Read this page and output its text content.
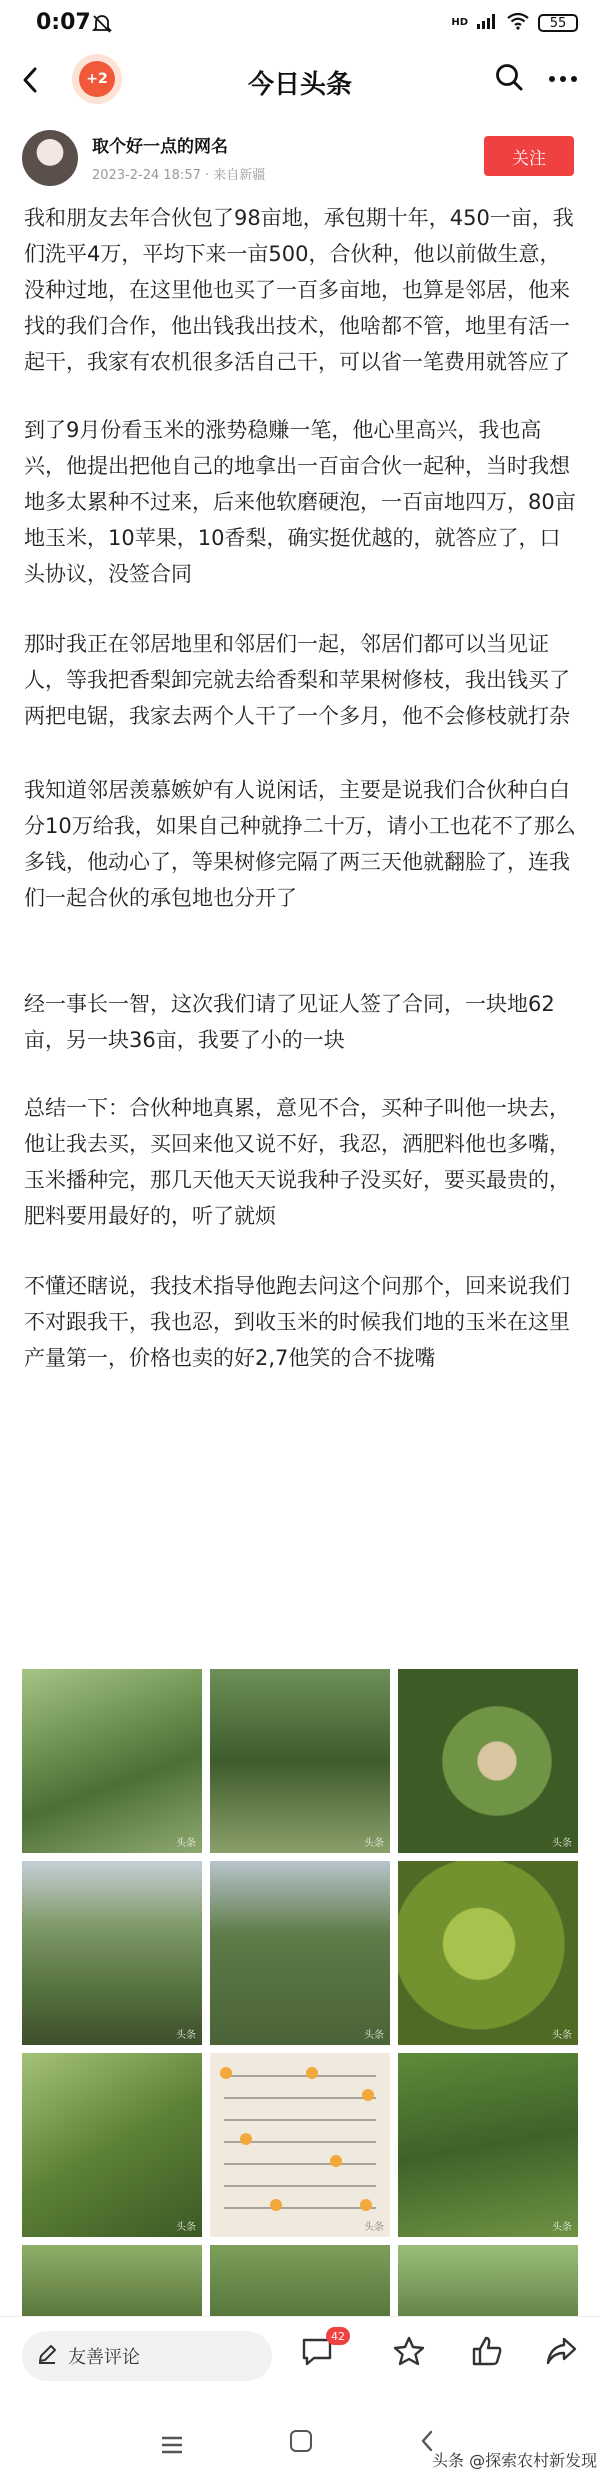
0:07	HD	55
+2	今日头条
取个好一点的网名
2023-2-24 18:57 · 来自新疆
关注

我和朋友去年合伙包了98亩地，承包期十年，450一亩，我们洗平4万，平均下来一亩500，合伙种，他以前做生意，没种过地，在这里他也买了一百多亩地，也算是邻居，他来找的我们合作，他出钱我出技术，他啥都不管，地里有活一起干，我家有农机很多活自己干，可以省一笔费用就答应了

到了9月份看玉米的涨势稳赚一笔，他心里高兴，我也高兴，他提出把他自己的地拿出一百亩合伙一起种，当时我想地多太累种不过来，后来他软磨硬泡，一百亩地四万，80亩地玉米，10苹果，10香梨，确实挺优越的，就答应了，口头协议，没签合同

那时我正在邻居地里和邻居们一起，邻居们都可以当见证人，等我把香梨卸完就去给香梨和苹果树修枝，我出钱买了两把电锯，我家去两个人干了一个多月，他不会修枝就打杂

我知道邻居羡慕嫉妒有人说闲话，主要是说我们合伙种白白分10万给我，如果自己种就挣二十万，请小工也花不了那么多钱，他动心了，等果树修完隔了两三天他就翻脸了，连我们一起合伙的承包地也分开了

经一事长一智，这次我们请了见证人签了合同，一块地62亩，另一块36亩，我要了小的一块

总结一下：合伙种地真累，意见不合，买种子叫他一块去，他让我去买，买回来他又说不好，我忍，洒肥料他也多嘴，玉米播种完，那几天他天天说我种子没买好，要买最贵的，肥料要用最好的，听了就烦

不懂还瞎说，我技术指导他跑去问这个问那个，回来说我们不对跟我干，我也忍，到收玉米的时候我们地的玉米在这里产量第一，价格也卖的好2,7他笑的合不拢嘴

头条	头条	头条
头条	头条	头条
头条	头条	头条
友善评论
42
头条 @探索农村新发现
